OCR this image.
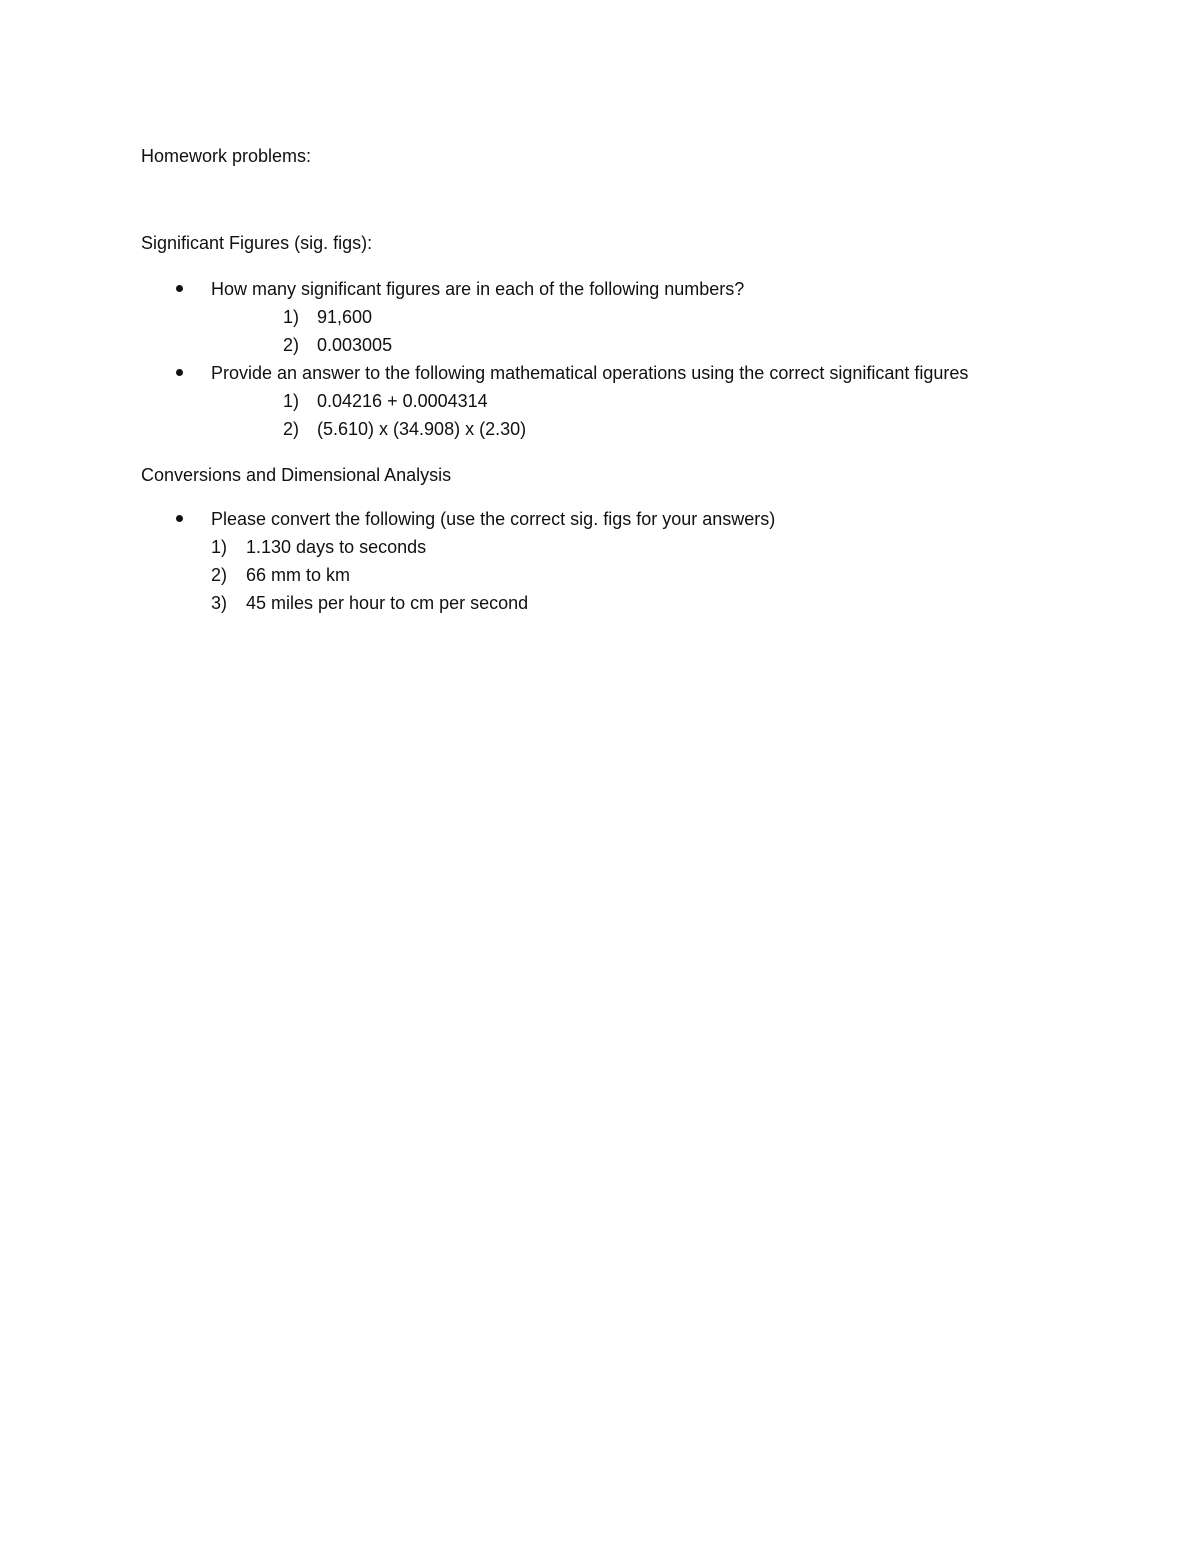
Homework problems:
Significant Figures (sig. figs):
How many significant figures are in each of the following numbers?
1) 91,600
2) 0.003005
Provide an answer to the following mathematical operations using the correct significant figures
1) 0.04216 + 0.0004314
2) (5.610) x (34.908) x (2.30)
Conversions and Dimensional Analysis
Please convert the following (use the correct sig. figs for your answers)
1) 1.130 days to seconds
2) 66 mm to km
3) 45 miles per hour to cm per second
